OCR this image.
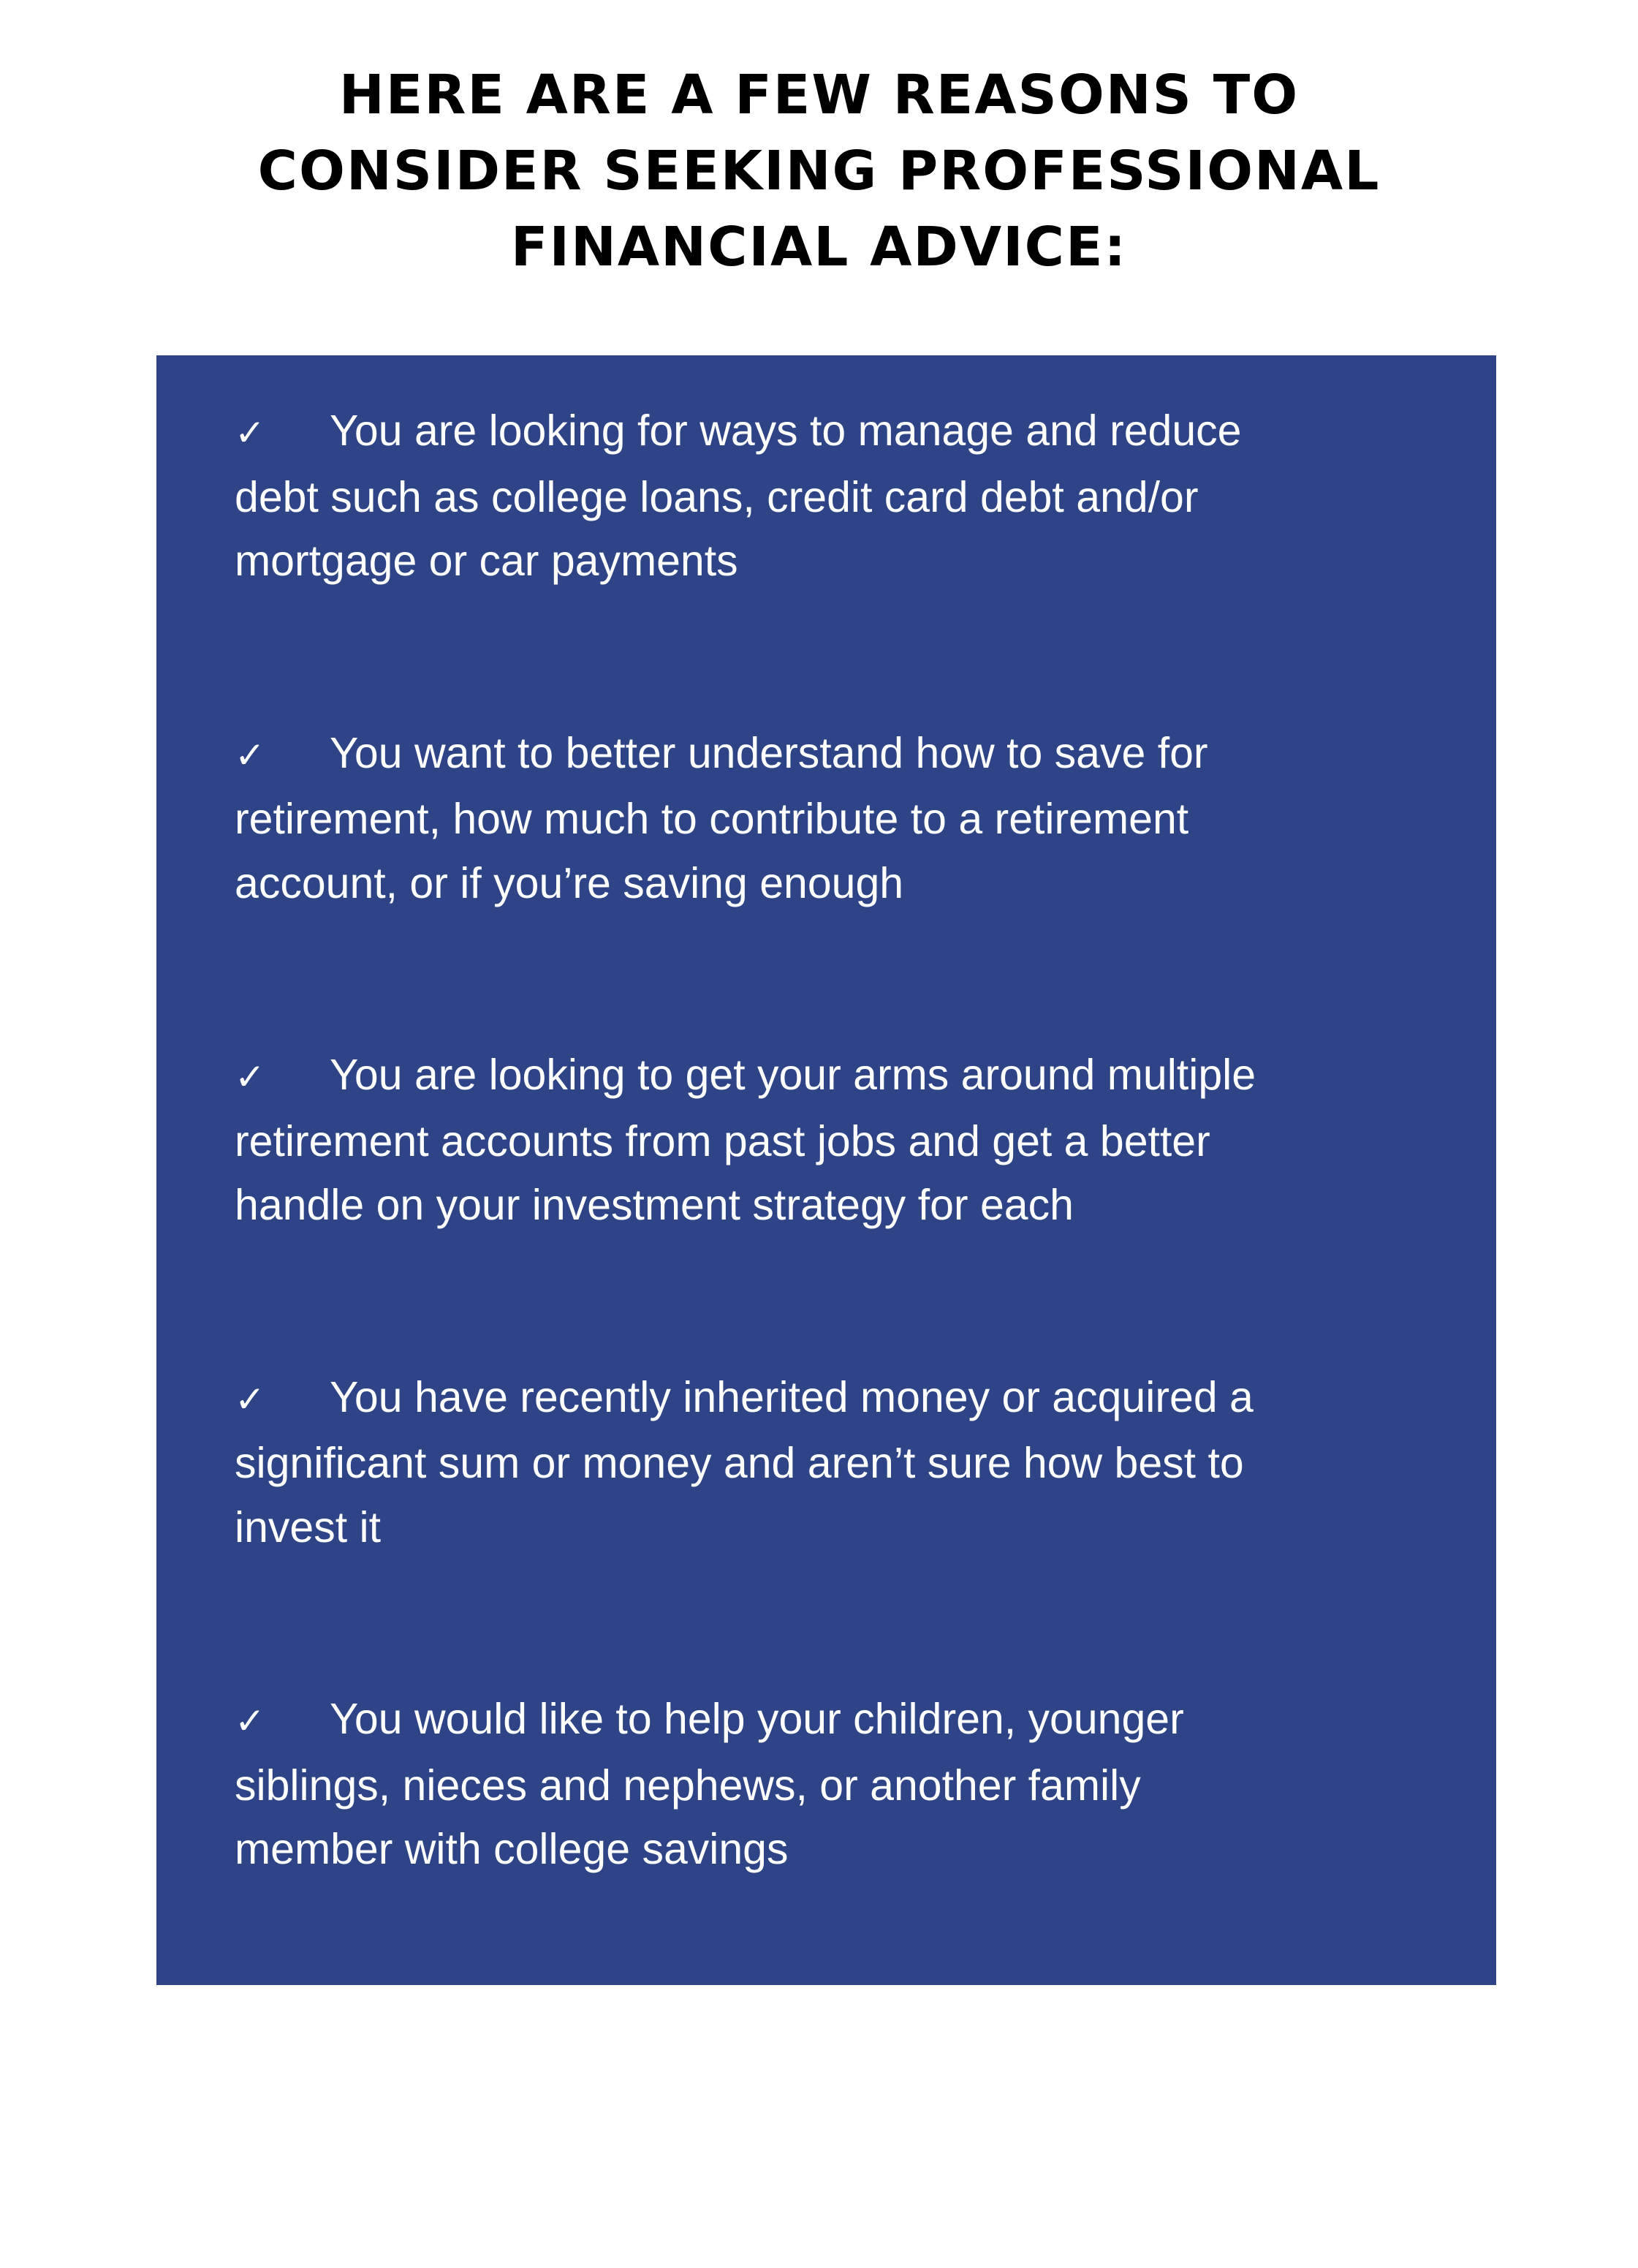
HERE ARE A FEW REASONS TO
CONSIDER SEEKING PROFESSIONAL
FINANCIAL ADVICE:
✓ You are looking for ways to manage and reduce
debt such as college loans, credit card debt and/or
mortgage or car payments
✓ You want to better understand how to save for
retirement, how much to contribute to a retirement
account, or if you’re saving enough
✓ You are looking to get your arms around multiple
retirement accounts from past jobs and get a better
handle on your investment strategy for each
✓ You have recently inherited money or acquired a
significant sum or money and aren’t sure how best to
invest it
✓ You would like to help your children, younger
siblings, nieces and nephews, or another family
member with college savings
✓ You have life goals you want to achieve and don’t
know how to finance such as buying a house, taking
care of parents or relatives, purchasing a car, or taking
a trip
